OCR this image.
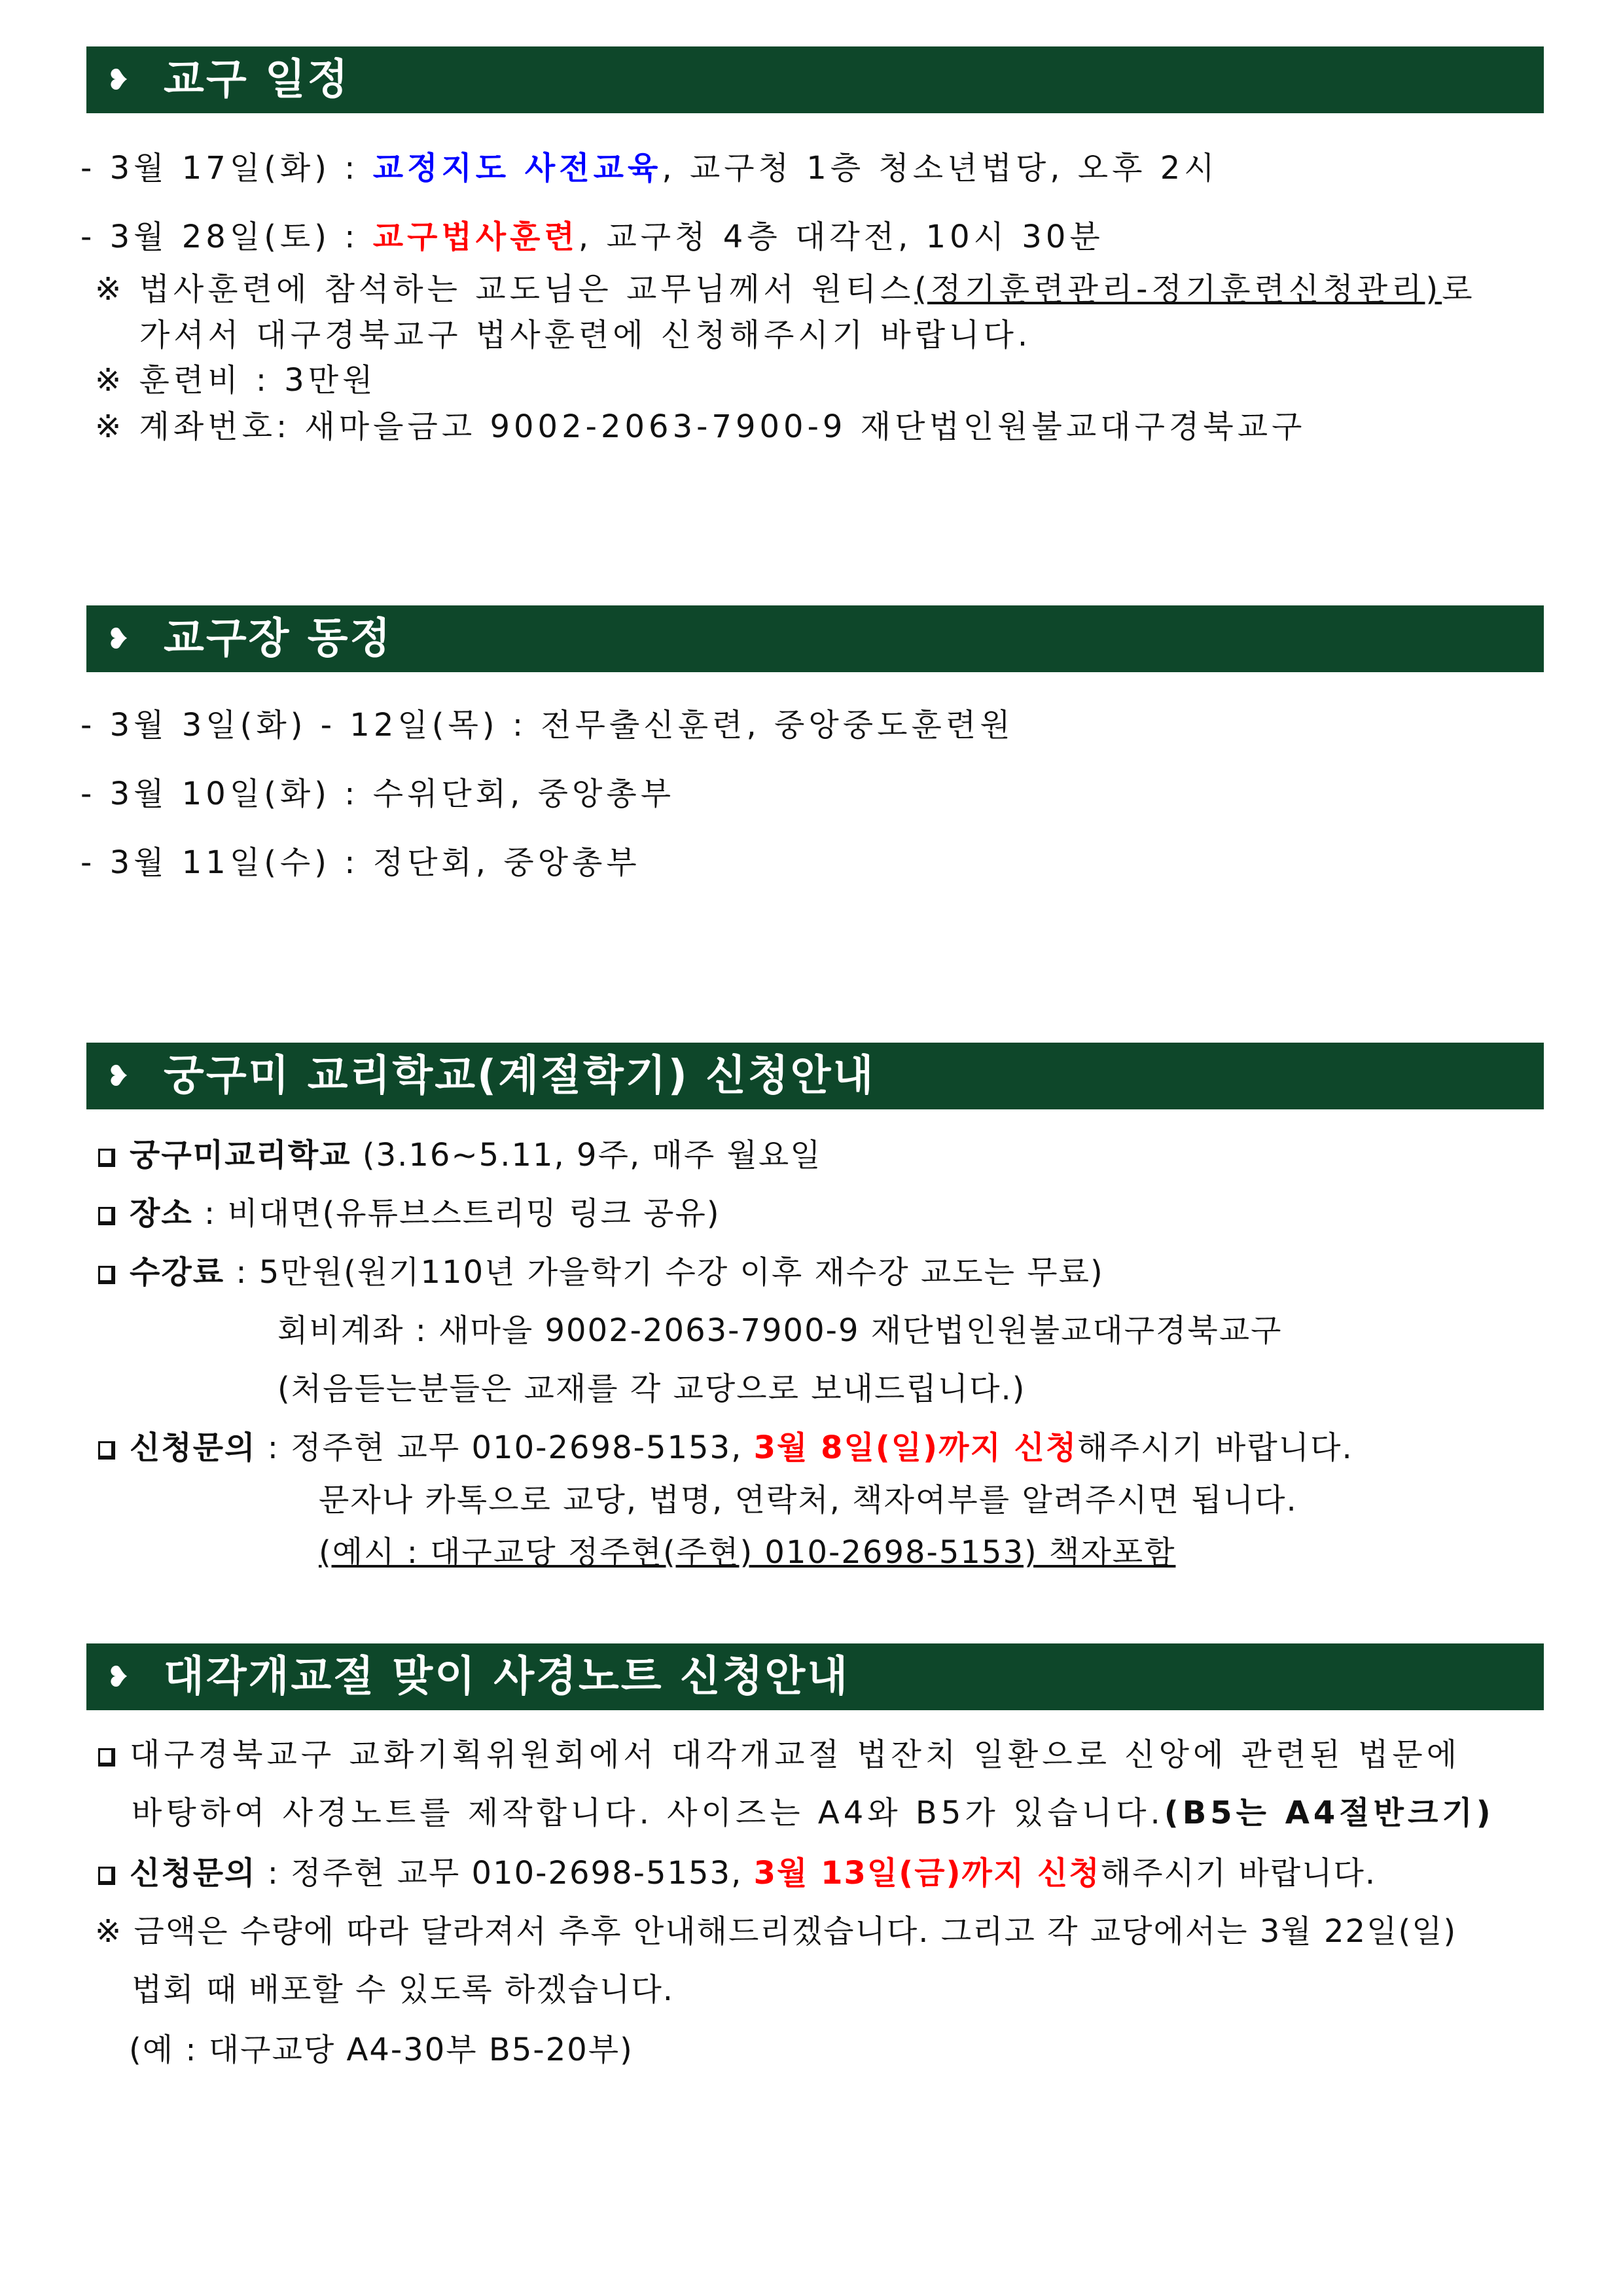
❥ 교구 일정
- 3월 17일(화) : 교정지도 사전교육, 교구청 1층 청소년법당, 오후 2시
- 3월 28일(토) : 교구법사훈련, 교구청 4층 대각전, 10시 30분
※ 법사훈련에 참석하는 교도님은 교무님께서 원티스(정기훈련관리-정기훈련신청관리)로
가셔서 대구경북교구 법사훈련에 신청해주시기 바랍니다.
※ 훈련비 : 3만원
※ 계좌번호: 새마을금고 9002-2063-7900-9 재단법인원불교대구경북교구
❥ 교구장 동정
- 3월 3일(화) - 12일(목) : 전무출신훈련, 중앙중도훈련원
- 3월 10일(화) : 수위단회, 중앙총부
- 3월 11일(수) : 정단회, 중앙총부
❥ 궁구미 교리학교(계절학기) 신청안내
궁구미교리학교 (3.16~5.11, 9주, 매주 월요일
장소 : 비대면(유튜브스트리밍 링크 공유)
수강료 : 5만원(원기110년 가을학기 수강 이후 재수강 교도는 무료)
회비계좌 : 새마을 9002-2063-7900-9 재단법인원불교대구경북교구
(처음듣는분들은 교재를 각 교당으로 보내드립니다.)
신청문의 : 정주현 교무 010-2698-5153, 3월 8일(일)까지 신청해주시기 바랍니다.
문자나 카톡으로 교당, 법명, 연락처, 책자여부를 알려주시면 됩니다.
(예시 : 대구교당 정주현(주현) 010-2698-5153) 책자포함
❥ 대각개교절 맞이 사경노트 신청안내
대구경북교구 교화기획위원회에서 대각개교절 법잔치 일환으로 신앙에 관련된 법문에
바탕하여 사경노트를 제작합니다. 사이즈는 A4와 B5가 있습니다.(B5는 A4절반크기)
신청문의 : 정주현 교무 010-2698-5153, 3월 13일(금)까지 신청해주시기 바랍니다.
※ 금액은 수량에 따라 달라져서 추후 안내해드리겠습니다. 그리고 각 교당에서는 3월 22일(일)
법회 때 배포할 수 있도록 하겠습니다.
(예 : 대구교당 A4-30부 B5-20부)
